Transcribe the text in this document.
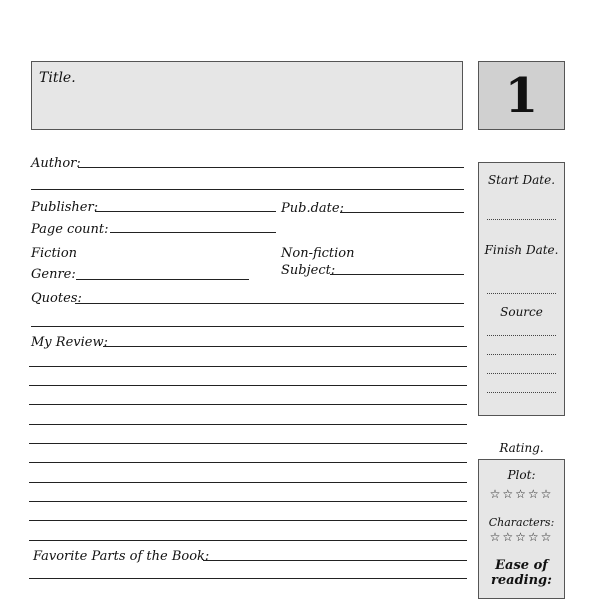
Title.	1
Author:
Publisher:	Pub.date:
Page count:
Fiction	Non-fiction
Genre:	Subject:
Quotes:
My Review:
Favorite Parts of the Book:
Start Date.
Finish Date.
Source
Rating.
Plot:
☆☆☆☆☆
Characters:
☆☆☆☆☆
Ease of reading:
